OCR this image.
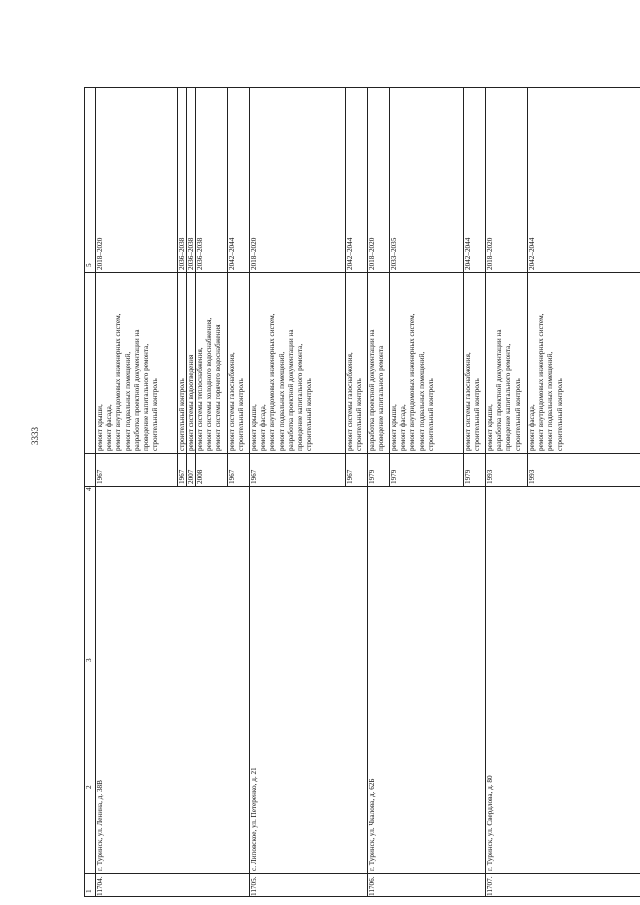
3333
1
2
3
4
5
11704.
г. Туринск, ул. Ленина, д. 38В
1967
ремонт крыши, ремонт фасада, ремонт внутридомовых инженерных систем, ремонт подвальных помещений, разработка проектной документации на проведение капитального ремонта, строительный контроль
2018–2020
1967
строительный контроль
2036–2038
2007
ремонт системы водоотведения
2036–2038
2008
ремонт системы теплоснабжения, ремонт системы холодного водоснабжения, ремонт системы горячего водоснабжения
2036–2038
1967
ремонт системы газоснабжения, строительный контроль
2042–2044
11705.
с. Липовское, ул. Петеренко, д. 21
1967
ремонт крыши, ремонт фасада, ремонт внутридомовых инженерных систем, ремонт подвальных помещений, разработка проектной документации на проведение капитального ремонта, строительный контроль
2018–2020
1967
ремонт системы газоснабжения, строительный контроль
2042–2044
11706.
г. Туринск, ул. Чкалова, д. 62Б
1979
разработка проектной документации на проведение капитального ремонта
2018–2020
1979
ремонт крыши, ремонт фасада, ремонт внутридомовых инженерных систем, ремонт подвальных помещений, строительный контроль
2033–2035
1979
ремонт системы газоснабжения, строительный контроль
2042–2044
11707.
г. Туринск, ул. Свердлова, д. 80
1993
ремонт крыши, разработка проектной документации на проведение капитального ремонта, строительный контроль
2018–2020
1993
ремонт фасада, ремонт внутридомовых инженерных систем, ремонт подвальных помещений, строительный контроль
2042–2044
